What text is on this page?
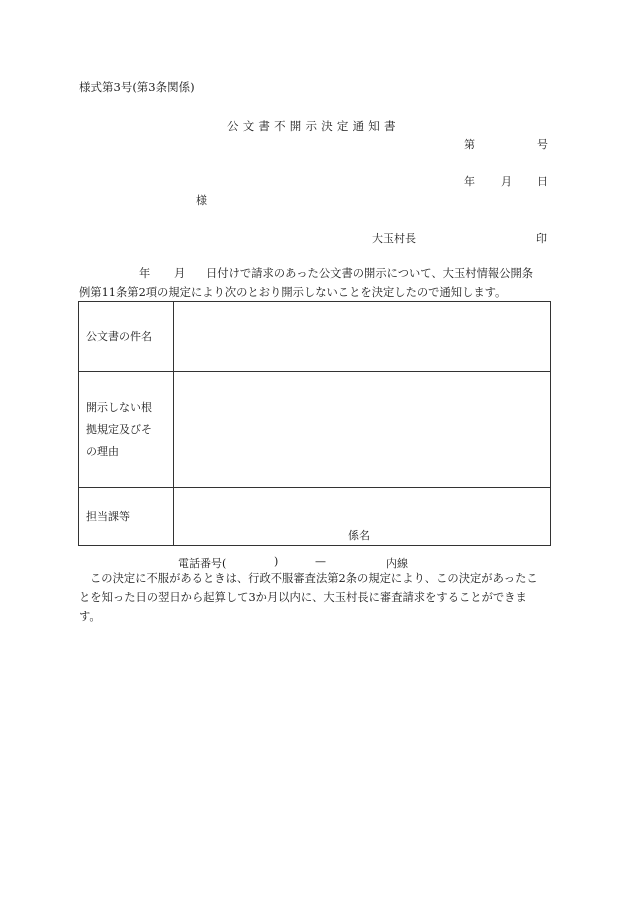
様式第3号(第3条関係)
公文書不開示決定通知書
第	号
年 月 日
様
大玉村長	印
年 月 日付けで請求のあった公文書の開示について、大玉村情報公開条
例第11条第2項の規定により次のとおり開示しないことを決定したので通知します。
公文書の件名	

開示しない根
拠規定及びそ
の理由	

担当課等	係名
電話番号( ) — 内線
この決定に不服があるときは、行政不服審査法第2条の規定により、この決定があったこ
とを知った日の翌日から起算して3か月以内に、大玉村長に審査請求をすることができま
す。
